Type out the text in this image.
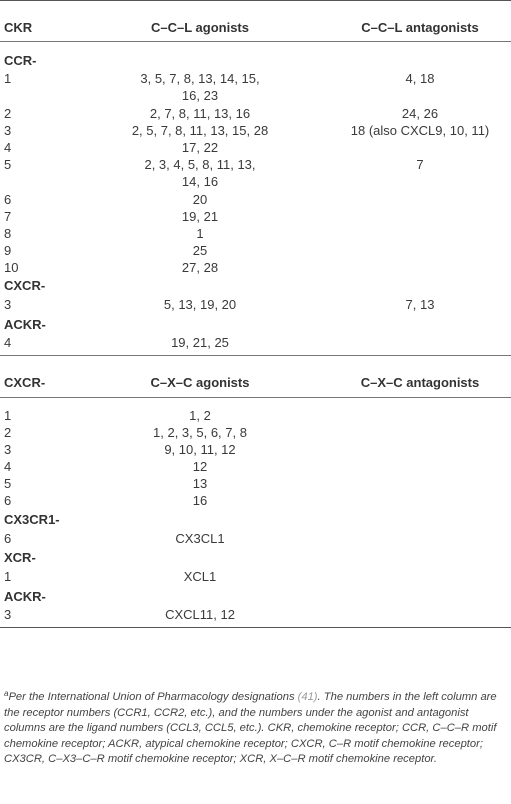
CKR	C–C–L agonists	C–C–L antagonists
CCR-
1	3, 5, 7, 8, 13, 14, 15,	4, 18
16, 23
2	2, 7, 8, 11, 13, 16	24, 26
3	2, 5, 7, 8, 11, 13, 15, 28	18 (also CXCL9, 10, 11)
4	17, 22
5	2, 3, 4, 5, 8, 11, 13,	7
14, 16
6	20
7	19, 21
8	1
9	25
10	27, 28
CXCR-
3	5, 13, 19, 20	7, 13
ACKR-
4	19, 21, 25
CXCR-	C–X–C agonists	C–X–C antagonists
1	1, 2
2	1, 2, 3, 5, 6, 7, 8
3	9, 10, 11, 12
4	12
5	13
6	16
CX3CR1-
6	CX3CL1
XCR-
1	XCL1
ACKR-
3	CXCL11, 12
$^a$Per the International Union of Pharmacology designations (41). The numbers in the left column are the receptor numbers (CCR1, CCR2, etc.), and the numbers under the agonist and antagonist columns are the ligand numbers (CCL3, CCL5, etc.). CKR, chemokine receptor; CCR, C–C–R motif chemokine receptor; ACKR, atypical chemokine receptor; CXCR, C–R motif chemokine receptor; CX3CR, C–X3–C–R motif chemokine receptor; XCR, X–C–R motif chemokine receptor.
